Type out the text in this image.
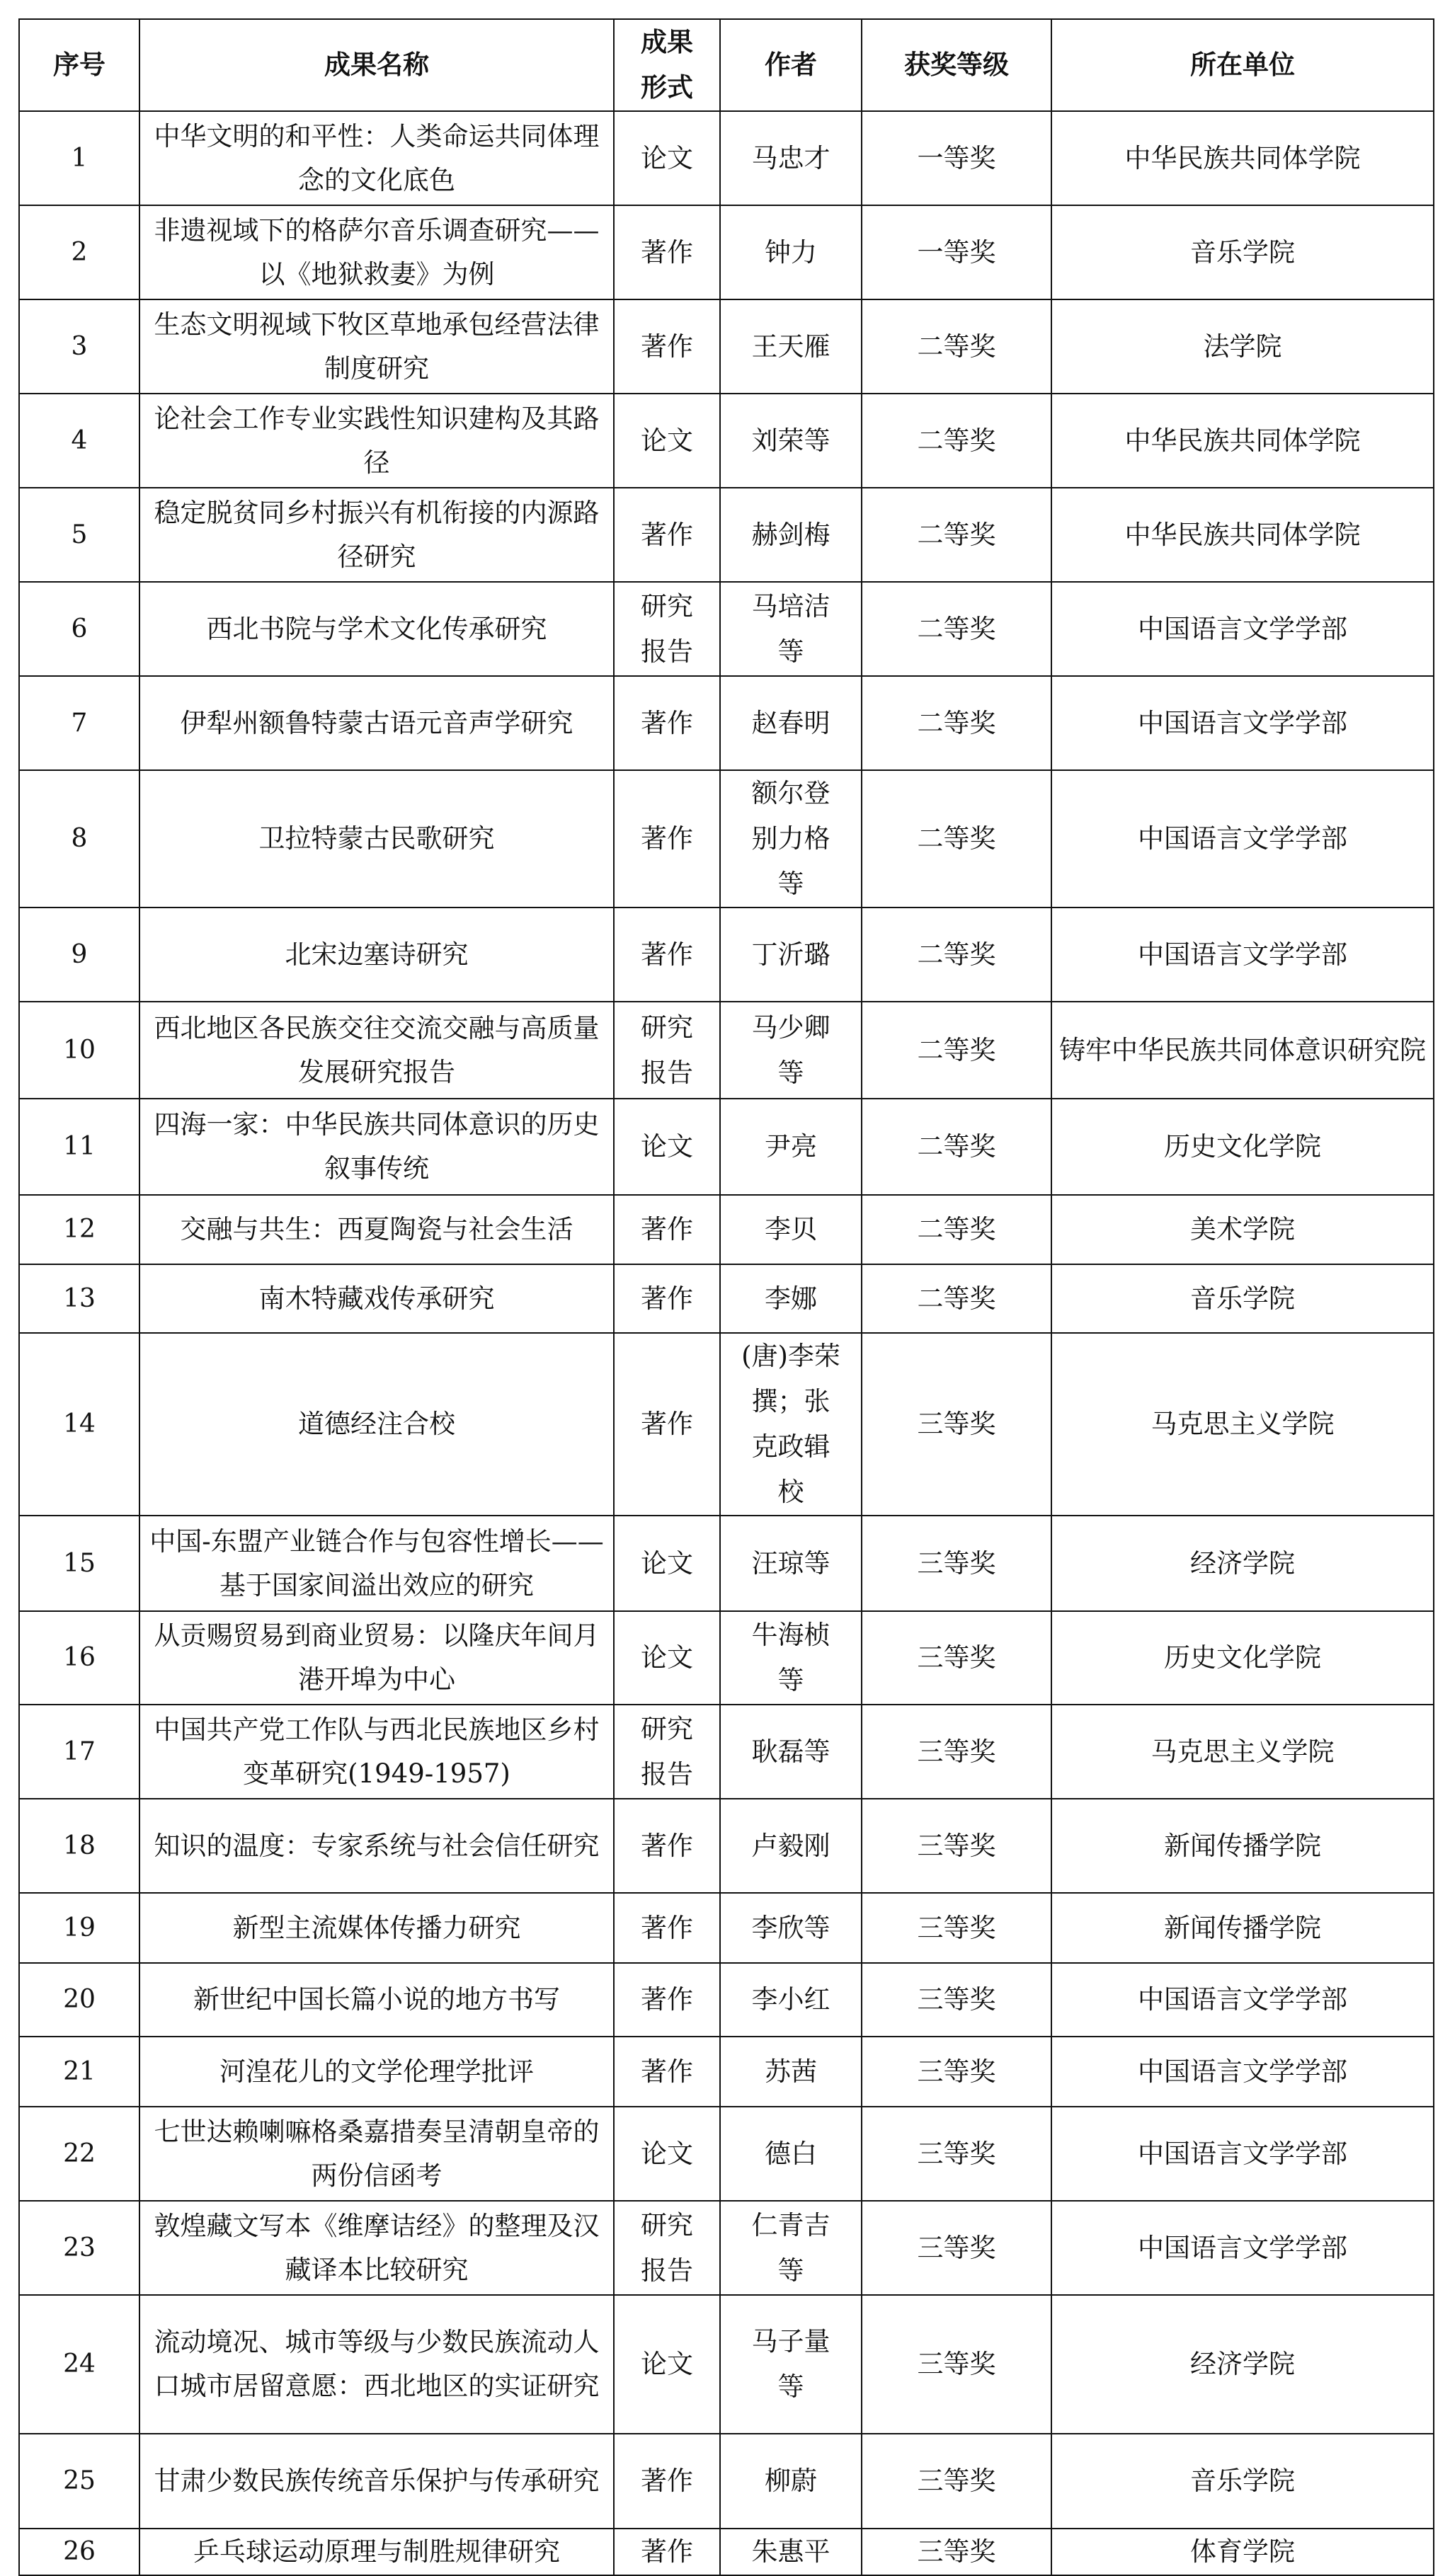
序号	成果名称	成果形式	作者	获奖等级	所在单位
1	中华文明的和平性：人类命运共同体理念的文化底色	论文	马忠才	一等奖	中华民族共同体学院
2	非遗视域下的格萨尔音乐调查研究——以《地狱救妻》为例	著作	钟力	一等奖	音乐学院
3	生态文明视域下牧区草地承包经营法律制度研究	著作	王天雁	二等奖	法学院
4	论社会工作专业实践性知识建构及其路径	论文	刘荣等	二等奖	中华民族共同体学院
5	稳定脱贫同乡村振兴有机衔接的内源路径研究	著作	赫剑梅	二等奖	中华民族共同体学院
6	西北书院与学术文化传承研究	研究报告	马培洁等	二等奖	中国语言文学学部
7	伊犁州额鲁特蒙古语元音声学研究	著作	赵春明	二等奖	中国语言文学学部
8	卫拉特蒙古民歌研究	著作	额尔登别力格等	二等奖	中国语言文学学部
9	北宋边塞诗研究	著作	丁沂璐	二等奖	中国语言文学学部
10	西北地区各民族交往交流交融与高质量发展研究报告	研究报告	马少卿等	二等奖	铸牢中华民族共同体意识研究院
11	四海一家：中华民族共同体意识的历史叙事传统	论文	尹亮	二等奖	历史文化学院
12	交融与共生：西夏陶瓷与社会生活	著作	李贝	二等奖	美术学院
13	南木特藏戏传承研究	著作	李娜	二等奖	音乐学院
14	道德经注合校	著作	(唐)李荣撰；张克政辑校	三等奖	马克思主义学院
15	中国-东盟产业链合作与包容性增长——基于国家间溢出效应的研究	论文	汪琼等	三等奖	经济学院
16	从贡赐贸易到商业贸易：以隆庆年间月港开埠为中心	论文	牛海桢等	三等奖	历史文化学院
17	中国共产党工作队与西北民族地区乡村变革研究(1949-1957)	研究报告	耿磊等	三等奖	马克思主义学院
18	知识的温度：专家系统与社会信任研究	著作	卢毅刚	三等奖	新闻传播学院
19	新型主流媒体传播力研究	著作	李欣等	三等奖	新闻传播学院
20	新世纪中国长篇小说的地方书写	著作	李小红	三等奖	中国语言文学学部
21	河湟花儿的文学伦理学批评	著作	苏茜	三等奖	中国语言文学学部
22	七世达赖喇嘛格桑嘉措奏呈清朝皇帝的两份信函考	论文	德白	三等奖	中国语言文学学部
23	敦煌藏文写本《维摩诘经》的整理及汉藏译本比较研究	研究报告	仁青吉等	三等奖	中国语言文学学部
24	流动境况、城市等级与少数民族流动人口城市居留意愿：西北地区的实证研究	论文	马子量等	三等奖	经济学院
25	甘肃少数民族传统音乐保护与传承研究	著作	柳蔚	三等奖	音乐学院
26	乒乓球运动原理与制胜规律研究	著作	朱惠平	三等奖	体育学院
